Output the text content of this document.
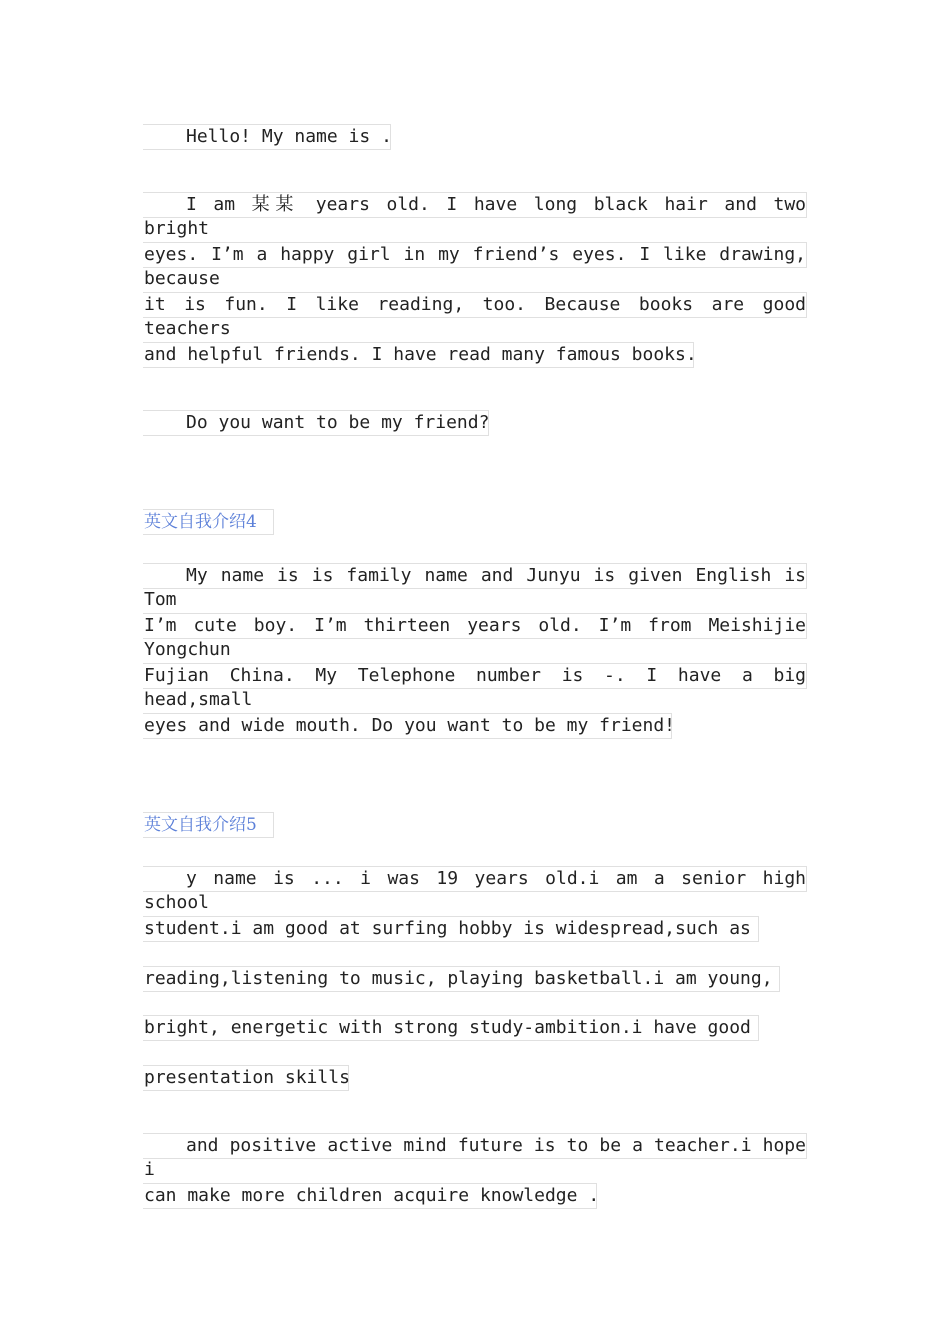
Hello! My name is .
I am 某某 years old. I have long black hair and two bright
eyes. I’m a happy girl in my friend’s eyes. I like drawing, because
it is fun. I like reading, too. Because books are good teachers
and helpful friends. I have read many famous books.
Do you want to be my friend?
英文自我介绍4
My name is is family name and Junyu is given English is Tom
I’m cute boy. I’m thirteen years old. I’m from Meishijie Yongchun
Fujian China. My Telephone number is -. I have a big head,small
eyes and wide mouth. Do you want to be my friend!
英文自我介绍5
y name is ... i was 19 years old.i am a senior high school
student.i am good at surfing hobby is widespread,such as
reading,listening to music, playing basketball.i am young,
bright, energetic with strong study-ambition.i have good
presentation skills
and positive active mind future is to be a teacher.i hope i
can make more children acquire knowledge .
